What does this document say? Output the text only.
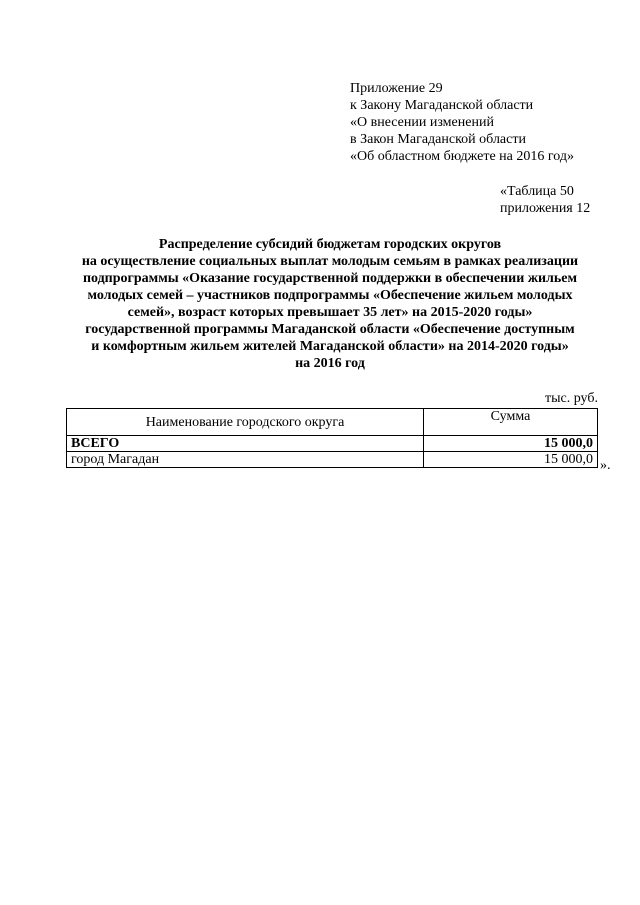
Приложение 29
к Закону Магаданской области
«О внесении изменений
в Закон Магаданской области
«Об областном бюджете на 2016 год»
«Таблица 50
приложения 12
Распределение субсидий бюджетам городских округов
на осуществление социальных выплат молодым семьям в рамках реализации
подпрограммы «Оказание государственной поддержки в обеспечении жильем
молодых семей – участников подпрограммы «Обеспечение жильем молодых
семей», возраст которых превышает 35 лет» на 2015-2020 годы»
государственной программы Магаданской области «Обеспечение доступным
и комфортным жильем жителей Магаданской области» на 2014-2020 годы»
на 2016 год
тыс. руб.
Наименование городского округа	Сумма
ВСЕГО	15 000,0
город Магадан	15 000,0 ».
